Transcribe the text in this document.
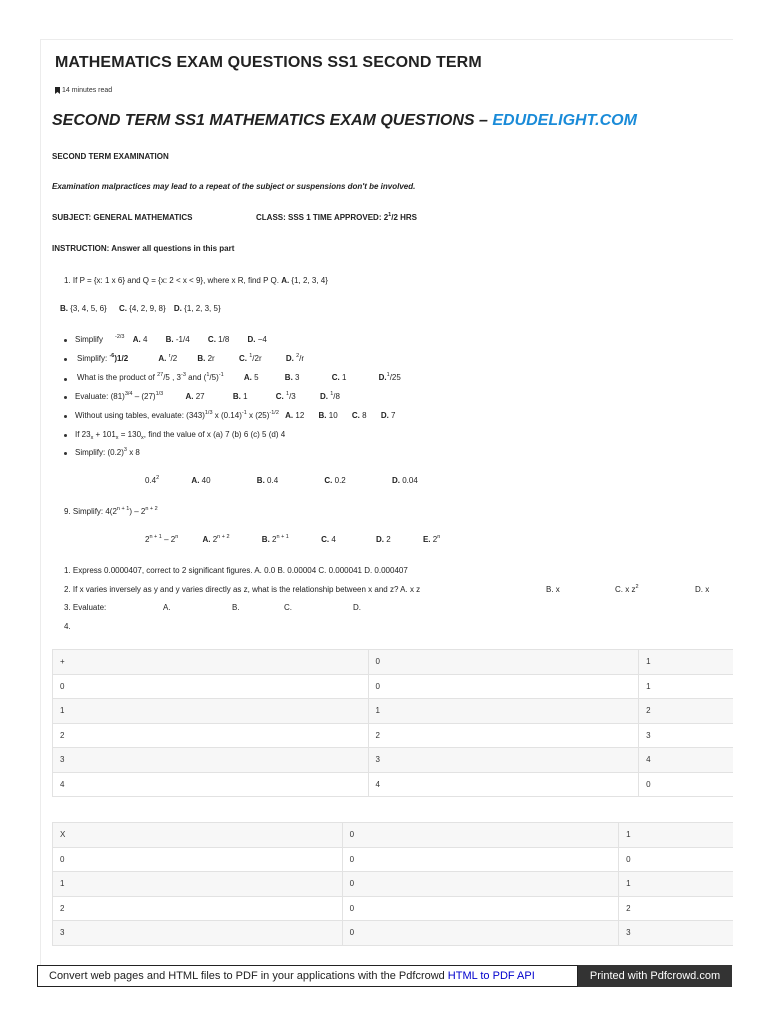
MATHEMATICS EXAM QUESTIONS SS1 SECOND TERM
14 minutes read
SECOND TERM SS1 MATHEMATICS EXAM QUESTIONS – EDUDELIGHT.COM
SECOND TERM EXAMINATION
Examination malpractices may lead to a repeat of the subject or suspensions don't be involved.
SUBJECT: GENERAL MATHEMATICS	CLASS: SSS 1 TIME APPROVED: $2^1/2$ HRS
INSTRUCTION: Answer all questions in this part
1. If P = {x: 1 x 6} and Q = {x: 2 < x < 9}, where x R, find P Q. A. {1, 2, 3, 4}
B. {3, 4, 5, 6} C. {4, 2, 9, 8} D. {1, 2, 3, 5}
Simplify $^{-2/3}$ A. 4 B. -1/4 C. 1/8 D. −4
Simplify: $^{-6}$)1/2	A. $^r$/2	B. 2r	C. $^1$/2r	D. $^2$/r
What is the product of $^{27}$/5 , $3^{-3}$ and $(^1/5)^{-1}$	A. 5	B. 3	C. 1	D.$^1$/25
Evaluate: $(81)^{3/4} - (27)^{1/3}$	A. 27	B. 1	C. $^1$/3	D. $^1$/8
Without using tables, evaluate: $(343)^{1/3}$ x $(0.14)^{-1}$ x $(25)^{-1/2}$ A. 12 B. 10 C. 8 D. 7
If $23_x + 101_x = 130_x$, find the value of x (a) 7 (b) 6 (c) 5 (d) 4
Simplify: $(0.2)^3$ x 8
$0.4^2$	A. 40	B. 0.4	C. 0.2	D. 0.04
9. Simplify: $4(2^{n + 1}) - 2^{n + 2}$
$2^{n + 1} - 2^n$	A. $2^{n + 2}$	B. $2^{n + 1}$	C. 4	D. 2	E. 2$^n$
1. Express 0.0000407, correct to 2 significant figures. A. 0.0 B. 0.00004 C. 0.000041 D. 0.000407
2. If x varies inversely as y and y varies directly as z, what is the relationship between x and z? A. x z	B. x	C. x $z^2$	D. x
3. Evaluate:	A.	B.	C.	D.
4.
+	0	1
0	0	1
1	1	2
2	2	3
3	3	4
4	4	0
X	0	1
0	0	0
1	0	1
2	0	2
3	0	3
Convert web pages and HTML files to PDF in your applications with the Pdfcrowd HTML to PDF API	Printed with Pdfcrowd.com
